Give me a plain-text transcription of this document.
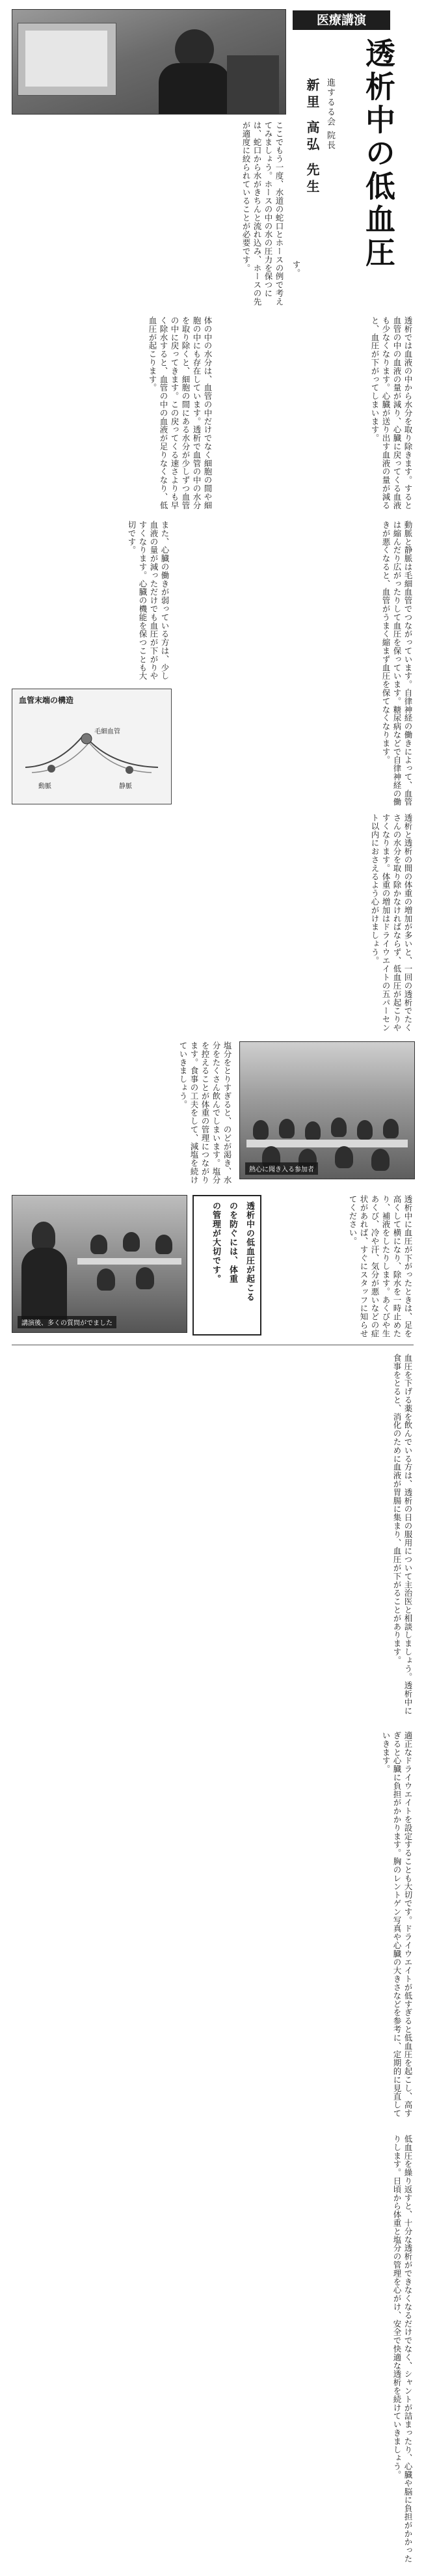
医療講演
透析中の低血圧
進するる会 院長
新里 高弘 先生
す。
ここでもう一度、水道の蛇口とホースの例で考えてみましょう。ホースの中の水の圧力を保つには、蛇口から水がきちんと流れ込み、ホースの先が適度に絞られていることが必要です。
透析では血液の中から水分を取り除きます。すると血管の中の血液の量が減り、心臓に戻ってくる血液も少なくなります。心臓が送り出す血液の量が減ると、血圧が下がってしまいます。
体の中の水分は、血管の中だけでなく細胞の間や細胞の中にも存在しています。透析で血管の中の水分を取り除くと、細胞の間にある水分が少しずつ血管の中に戻ってきます。この戻ってくる速さよりも早く除水すると、血管の中の血液が足りなくなり、低血圧が起こります。
血管末端の構造
毛細血管
動脈	静脈	動脈と静脈は毛細血管でつながっています。自律神経の働きによって、血管は縮んだり広がったりして血圧を保っています。糖尿病などで自律神経の働きが悪くなると、血管がうまく縮まず血圧を保てなくなります。
また、心臓の働きが弱っている方は、少し血液の量が減っただけでも血圧が下がりやすくなります。心臓の機能を保つことも大切です。
透析と透析の間の体重の増加が多いと、一回の透析でたくさんの水分を取り除かなければならず、低血圧が起こりやすくなります。体重の増加はドライウエイトの五パーセント以内におさえるよう心がけましょう。
熱心に聞き入る参加者
塩分をとりすぎると、のどが渇き、水分をたくさん飲んでしまいます。塩分を控えることが体重の管理につながります。食事の工夫をして、減塩を続けていきましょう。
講演後、多くの質問がでました
透析中の低血圧が起こる
のを防ぐには、体重
の管理が大切です。	透析中に血圧が下がったときは、足を高くして横になり、除水を一時止めたり、補液をしたりします。あくびや生あくび、冷や汗、気分が悪いなどの症状があれば、すぐにスタッフに知らせてください。
血圧を下げる薬を飲んでいる方は、透析の日の服用について主治医と相談しましょう。透析中に食事をとると、消化のために血液が胃腸に集まり、血圧が下がることがあります。
適正なドライウエイトを設定することも大切です。ドライウエイトが低すぎると低血圧を起こし、高すぎると心臓に負担がかかります。胸のレントゲン写真や心臓の大きさなどを参考に、定期的に見直していきます。
低血圧を繰り返すと、十分な透析ができなくなるだけでなく、シャントが詰まったり、心臓や脳に負担がかかったりします。日頃から体重と塩分の管理を心がけ、安全で快適な透析を続けていきましょう。
